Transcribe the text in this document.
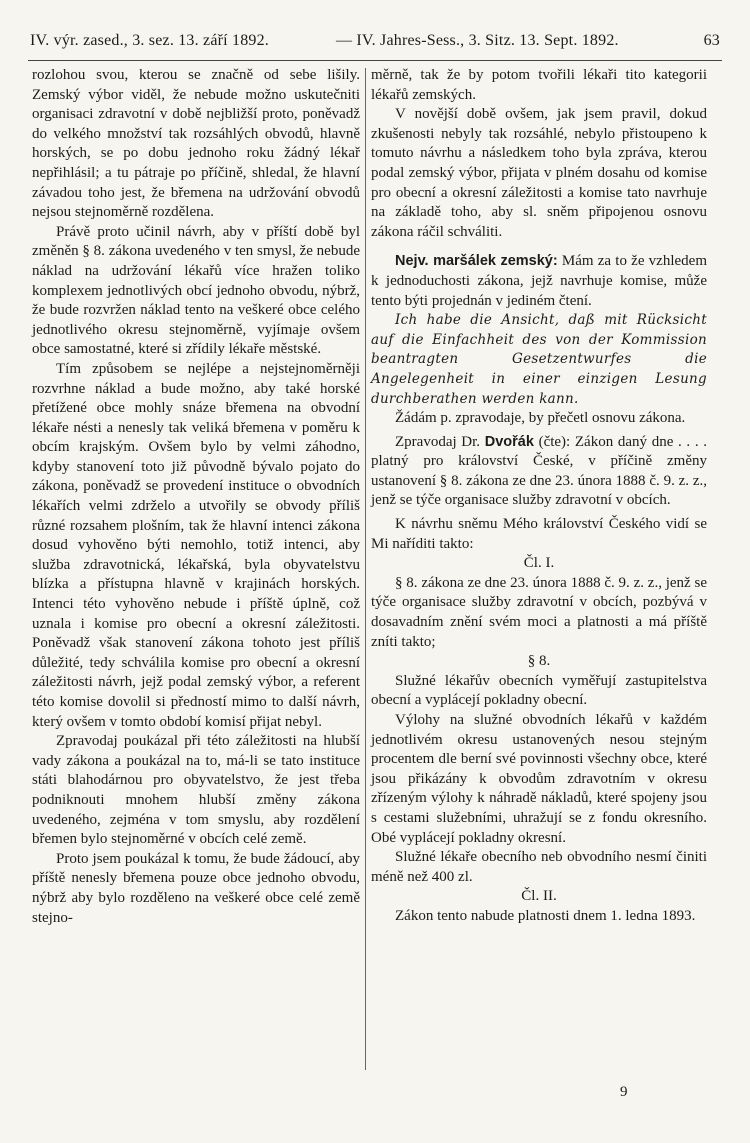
IV. výr. zased., 3. sez. 13. září 1892.	— IV. Jahres-Sess., 3. Sitz. 13. Sept. 1892.	63

rozlohou svou, kterou se značně od sebe lišily. Zemský výbor viděl, že nebude možno uskutečniti organisaci zdravotní v době nejbližší proto, poněvadž do velkého množství tak rozsáhlých obvodů, hlavně horských, se po dobu jednoho roku žádný lékař nepřihlásil; a tu pátraje po příčině, shledal, že hlavní závadou toho jest, že břemena na udržování obvodů nejsou stejnoměrně rozdělena.

Právě proto učinil návrh, aby v příští době byl změněn § 8. zákona uvedeného v ten smysl, že nebude náklad na udržování lékařů více hražen toliko komplexem jednotlivých obcí jednoho obvodu, nýbrž, že bude rozvržen náklad tento na veškeré obce celého jednotlivého okresu stejnoměrně, vyjímaje ovšem obce samostatné, které si zřídily lékaře městské.

Tím způsobem se nejlépe a nejstejnoměrněji rozvrhne náklad a bude možno, aby také horské přetížené obce mohly snáze břemena na obvodní lékaře nésti a nenesly tak veliká břemena v poměru k obcím krajským. Ovšem bylo by velmi záhodno, kdyby stanovení toto již původně bývalo pojato do zákona, poněvadž se provedení instituce o obvodních lékařích velmi zdrželo a utvořily se obvody příliš různé rozsahem plošním, tak že hlavní intenci zákona dosud vyhověno býti nemohlo, totiž intenci, aby služba zdravotnická, lékařská, byla obyvatelstvu blízka a přístupna hlavně v krajinách horských. Intenci této vyhověno nebude i příště úplně, což uznala i komise pro obecní a okresní záležitosti. Poněvadž však stanovení zákona tohoto jest příliš důležité, tedy schválila komise pro obecní a okresní záležitosti návrh, jejž podal zemský výbor, a referent této komise dovolil si předností mimo to další návrh, který ovšem v tomto období komisí přijat nebyl.

Zpravodaj poukázal při této záležitosti na hlubší vady zákona a poukázal na to, má-li se tato instituce státi blahodárnou pro obyvatelstvo, že jest třeba podniknouti mnohem hlubší změny zákona uvedeného, zejména v tom smyslu, aby rozdělení břemen bylo stejnoměrné v obcích celé země.

Proto jsem poukázal k tomu, že bude žádoucí, aby příště nenesly břemena pouze obce jednoho obvodu, nýbrž aby bylo rozděleno na veškeré obce celé země stejno-

měrně, tak že by potom tvořili lékaři tito kategorii lékařů zemských.

V novější době ovšem, jak jsem pravil, dokud zkušenosti nebyly tak rozsáhlé, nebylo přistoupeno k tomuto návrhu a následkem toho byla zpráva, kterou podal zemský výbor, přijata v plném dosahu od komise pro obecní a okresní záležitosti a komise tato navrhuje na základě toho, aby sl. sněm připojenou osnovu zákona ráčil schváliti.

Nejv. maršálek zemský: Mám za to že vzhledem k jednoduchosti zákona, jejž navrhuje komise, může tento býti projednán v jediném čtení.

Ich habe die Ansicht, daß mit Rücksicht auf die Einfachheit des von der Kommission beantragten Gesetzentwurfes die Angelegenheit in einer einzigen Lesung durchberathen werden kann.

Žádám p. zpravodaje, by přečetl osnovu zákona.

Zpravodaj Dr. Dvořák (čte): Zákon daný dne . . . . platný pro království České, v příčině změny ustanovení § 8. zákona ze dne 23. února 1888 č. 9. z. z., jenž se týče organisace služby zdravotní v obcích.

K návrhu sněmu Mého království Českého vidí se Mi naříditi takto:

Čl. I.

§ 8. zákona ze dne 23. února 1888 č. 9. z. z., jenž se týče organisace služby zdravotní v obcích, pozbývá v dosavadním znění svém moci a platnosti a má příště zníti takto;

§ 8.

Služné lékařův obecních vyměřují zastupitelstva obecní a vyplácejí pokladny obecní.

Výlohy na služné obvodních lékařů v každém jednotlivém okresu ustanovených nesou stejným procentem dle berní své povinnosti všechny obce, které jsou přikázány k obvodům zdravotním v okresu zřízeným výlohy k náhradě nákladů, které spojeny jsou s cestami služebními, uhražují se z fondu okresního. Obé vyplácejí pokladny okresní.

Služné lékaře obecního neb obvodního nesmí činiti méně než 400 zl.

Čl. II.

Zákon tento nabude platnosti dnem 1. ledna 1893.

9
